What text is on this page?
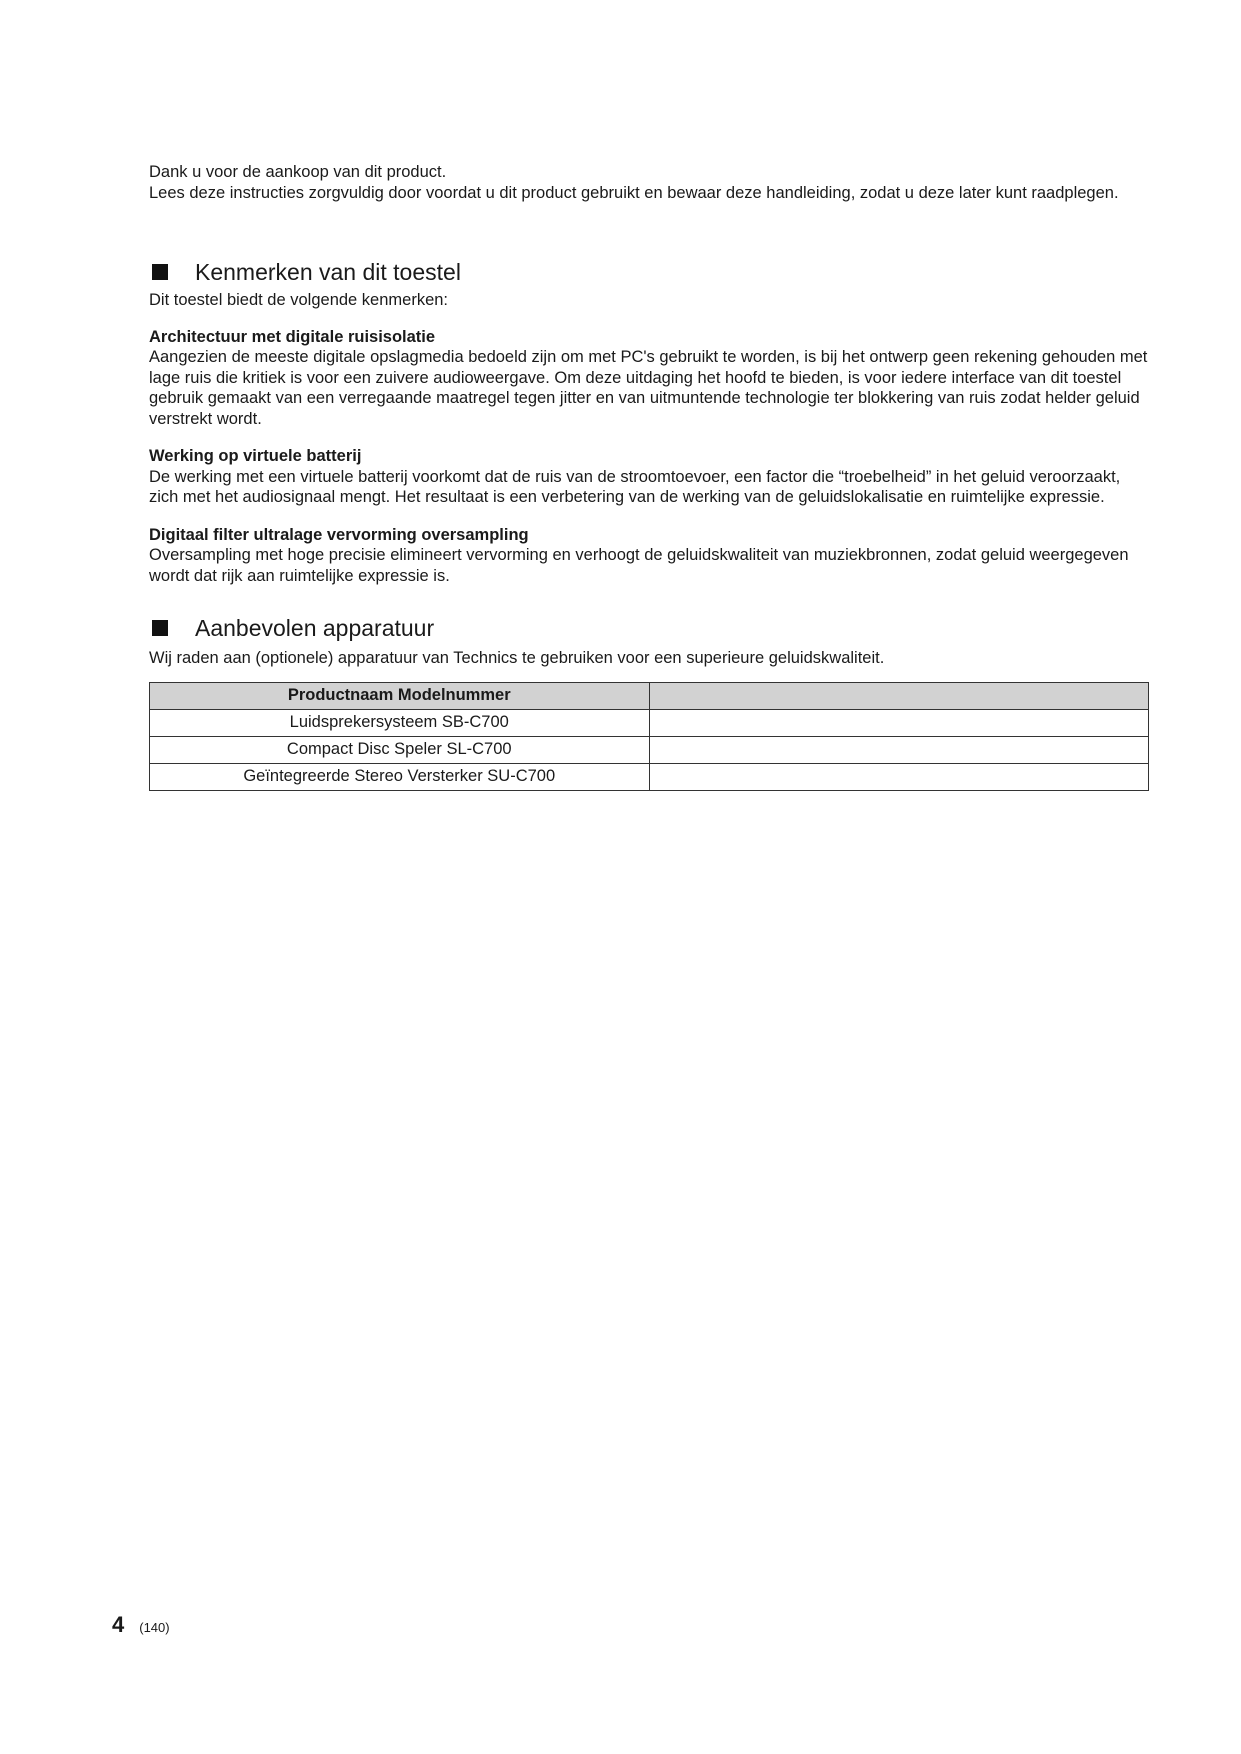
Dank u voor de aankoop van dit product.

Lees deze instructies zorgvuldig door voordat u dit product gebruikt en bewaar deze handleiding, zodat u deze later kunt raadplegen.

Kenmerken van dit toestel

Dit toestel biedt de volgende kenmerken:

Architectuur met digitale ruisisolatie

Aangezien de meeste digitale opslagmedia bedoeld zijn om met PC's gebruikt te worden, is bij het ontwerp geen rekening gehouden met lage ruis die kritiek is voor een zuivere audioweergave. Om deze uitdaging het hoofd te bieden, is voor iedere interface van dit toestel gebruik gemaakt van een verregaande maatregel tegen jitter en van uitmuntende technologie ter blokkering van ruis zodat helder geluid verstrekt wordt.

Werking op virtuele batterij

De werking met een virtuele batterij voorkomt dat de ruis van de stroomtoevoer, een factor die “troebelheid” in het geluid veroorzaakt, zich met het audiosignaal mengt. Het resultaat is een verbetering van de werking van de geluidslokalisatie en ruimtelijke expressie.

Digitaal filter ultralage vervorming oversampling

Oversampling met hoge precisie elimineert vervorming en verhoogt de geluidskwaliteit van muziekbronnen, zodat geluid weergegeven wordt dat rijk aan ruimtelijke expressie is.

Aanbevolen apparatuur

Wij raden aan (optionele) apparatuur van Technics te gebruiken voor een superieure geluidskwaliteit.

Productnaam Modelnummer	
Luidsprekersysteem SB-C700	
Compact Disc Speler SL-C700	
Geïntegreerde Stereo Versterker SU-C700	
4 (140)
